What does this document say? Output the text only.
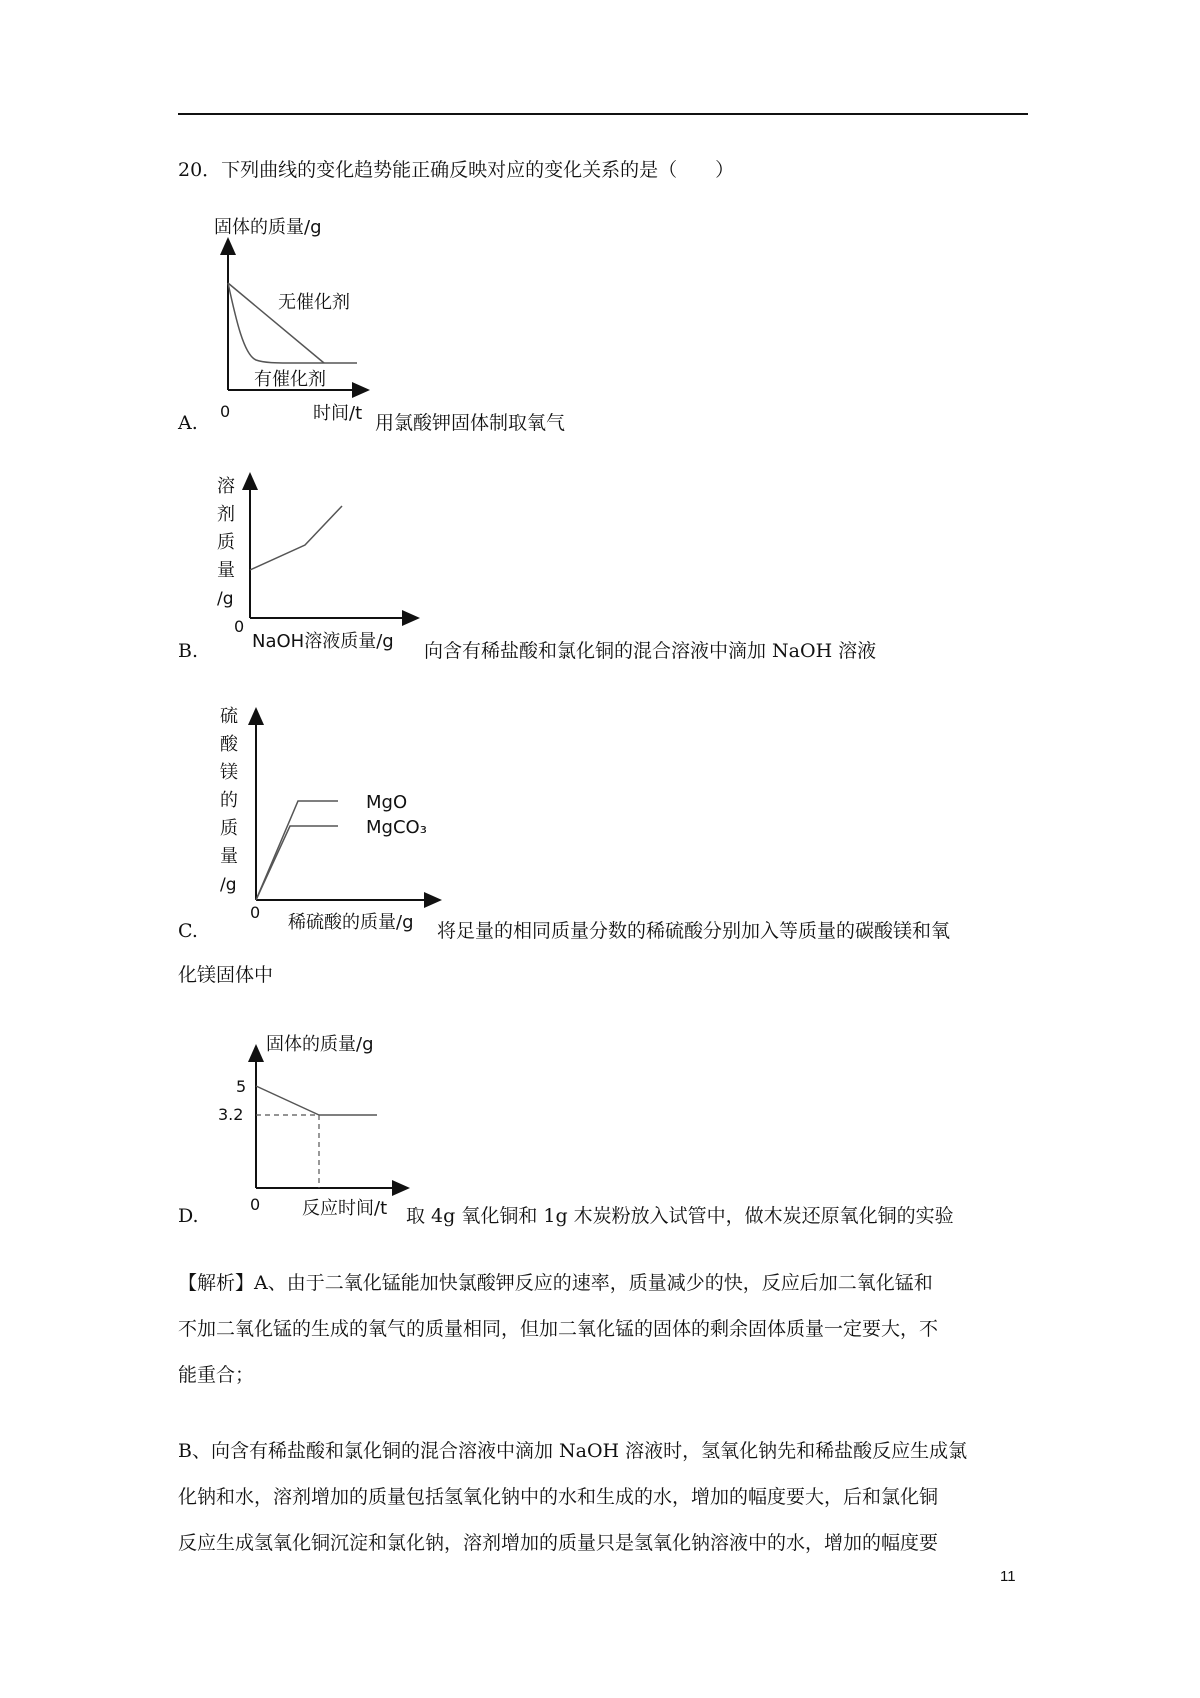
20．下列曲线的变化趋势能正确反映对应的变化关系的是（　　）
固体的质量/g
无催化剂
有催化剂
0	时间/t
A.	用氯酸钾固体制取氧气
溶
剂
质
量
/g
0
NaOH溶液质量/g
B.	向含有稀盐酸和氯化铜的混合溶液中滴加 NaOH 溶液
硫
酸
镁
的
质
量
/g
MgO
MgCO₃
0 稀硫酸的质量/g
C.	将足量的相同质量分数的稀硫酸分别加入等质量的碳酸镁和氧
化镁固体中
固体的质量/g
5
3.2
0 反应时间/t
D.	取 4g 氧化铜和 1g 木炭粉放入试管中，做木炭还原氧化铜的实验
【解析】A、由于二氧化锰能加快氯酸钾反应的速率，质量减少的快，反应后加二氧化锰和
不加二氧化锰的生成的氧气的质量相同，但加二氧化锰的固体的剩余固体质量一定要大，不
能重合；
B、向含有稀盐酸和氯化铜的混合溶液中滴加 NaOH 溶液时，氢氧化钠先和稀盐酸反应生成氯
化钠和水，溶剂增加的质量包括氢氧化钠中的水和生成的水，增加的幅度要大，后和氯化铜
反应生成氢氧化铜沉淀和氯化钠，溶剂增加的质量只是氢氧化钠溶液中的水，增加的幅度要
11
